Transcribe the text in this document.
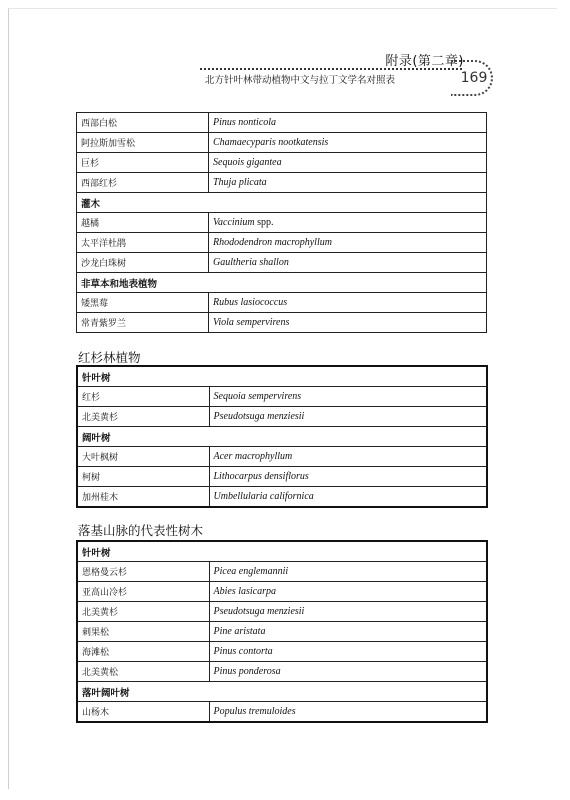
附录(第二章)
北方针叶林带动植物中文与拉丁文学名对照表	169
西部白松	Pinus nonticola
阿拉斯加雪松	Chamaecyparis nootkatensis
巨杉	Sequois gigantea
西部红杉	Thuja plicata
灌木	
越橘	Vaccinium spp.
太平洋杜鹃	Rhododendron macrophyllum
沙龙白珠树	Gaultheria shallon
非草本和地表植物	
矮黑莓	Rubus lasiococcus
常青紫罗兰	Viola sempervirens
红杉林植物
针叶树	
红杉	Sequoia sempervirens
北美黄杉	Pseudotsuga menziesii
阔叶树	
大叶枫树	Acer macrophyllum
柯树	Lithocarpus densiflorus
加州桂木	Umbellularia californica
落基山脉的代表性树木
针叶树	
恩格曼云杉	Picea englemannii
亚高山冷杉	Abies lasicarpa
北美黄杉	Pseudotsuga menziesii
刺果松	Pine aristata
海滩松	Pinus contorta
北美黄松	Pinus ponderosa
落叶阔叶树	
山杨木	Populus tremuloides
